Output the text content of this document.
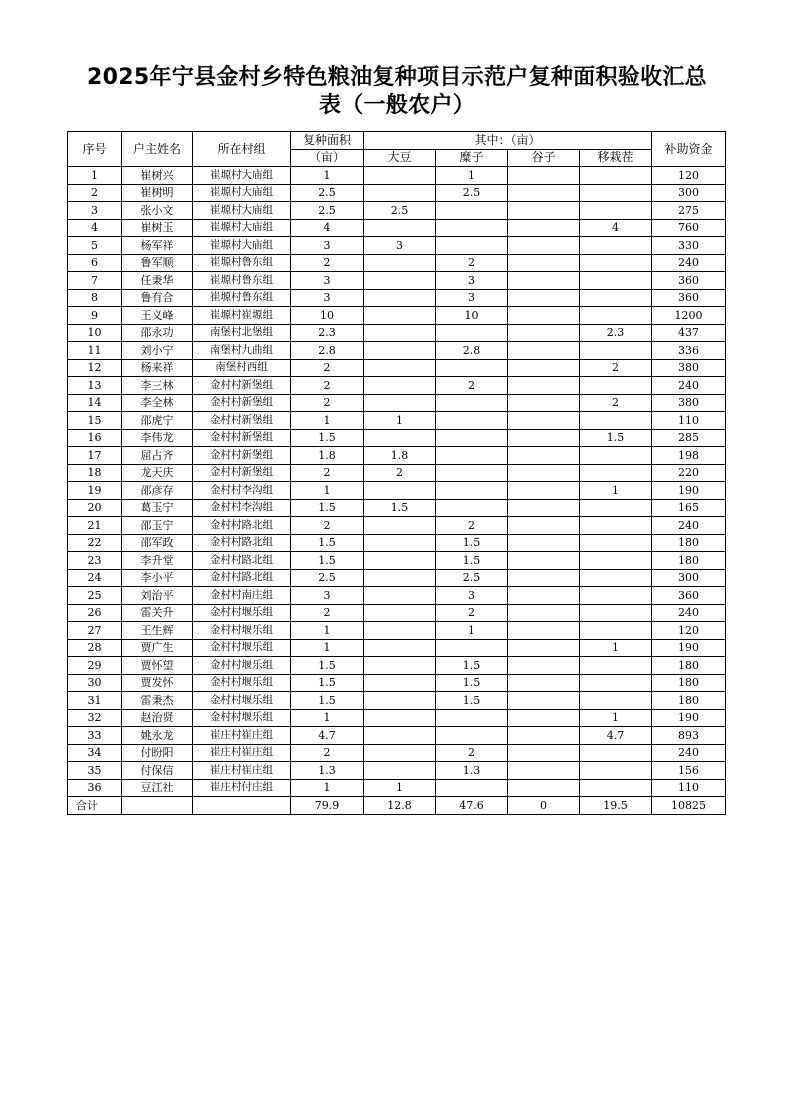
2025年宁县金村乡特色粮油复种项目示范户复种面积验收汇总
表（一般农户）
序号	户主姓名	所在村组	复种面积	其中：（亩）				补助资金
			（亩）	大豆	糜子	谷子	移栽茬	
1	崔树兴	崔塬村大庙组	1		1			120
2	崔树明	崔塬村大庙组	2.5		2.5			300
3	张小文	崔塬村大庙组	2.5	2.5				275
4	崔树玉	崔塬村大庙组	4				4	760
5	杨军祥	崔塬村大庙组	3	3				330
6	鲁军顺	崔塬村鲁东组	2		2			240
7	任秉华	崔塬村鲁东组	3		3			360
8	鲁有合	崔塬村鲁东组	3		3			360
9	王义峰	崔塬村崔塬组	10		10			1200
10	邵永功	南堡村北堡组	2.3				2.3	437
11	刘小宁	南堡村九曲组	2.8		2.8			336
12	杨来祥	南堡村西组	2				2	380
13	李三林	金村村新堡组	2		2			240
14	李全林	金村村新堡组	2				2	380
15	邵虎宁	金村村新堡组	1	1				110
16	李伟龙	金村村新堡组	1.5				1.5	285
17	屈占齐	金村村新堡组	1.8	1.8				198
18	龙天庆	金村村新堡组	2	2				220
19	邵彦存	金村村李沟组	1				1	190
20	葛玉宁	金村村李沟组	1.5	1.5				165
21	邵玉宁	金村村路北组	2		2			240
22	邵军政	金村村路北组	1.5		1.5			180
23	李升堂	金村村路北组	1.5		1.5			180
24	李小平	金村村路北组	2.5		2.5			300
25	刘治平	金村村南庄组	3		3			360
26	雷关升	金村村堰乐组	2		2			240
27	王生辉	金村村堰乐组	1		1			120
28	贾广生	金村村堰乐组	1				1	190
29	贾怀望	金村村堰乐组	1.5		1.5			180
30	贾发怀	金村村堰乐组	1.5		1.5			180
31	雷秉杰	金村村堰乐组	1.5		1.5			180
32	赵治贤	金村村堰乐组	1				1	190
33	姚永龙	崔庄村崔庄组	4.7				4.7	893
34	付盼阳	崔庄村崔庄组	2		2			240
35	付保信	崔庄村崔庄组	1.3		1.3			156
36	豆江社	崔庄村付庄组	1	1				110
合计			79.9	12.8	47.6	0	19.5	10825
